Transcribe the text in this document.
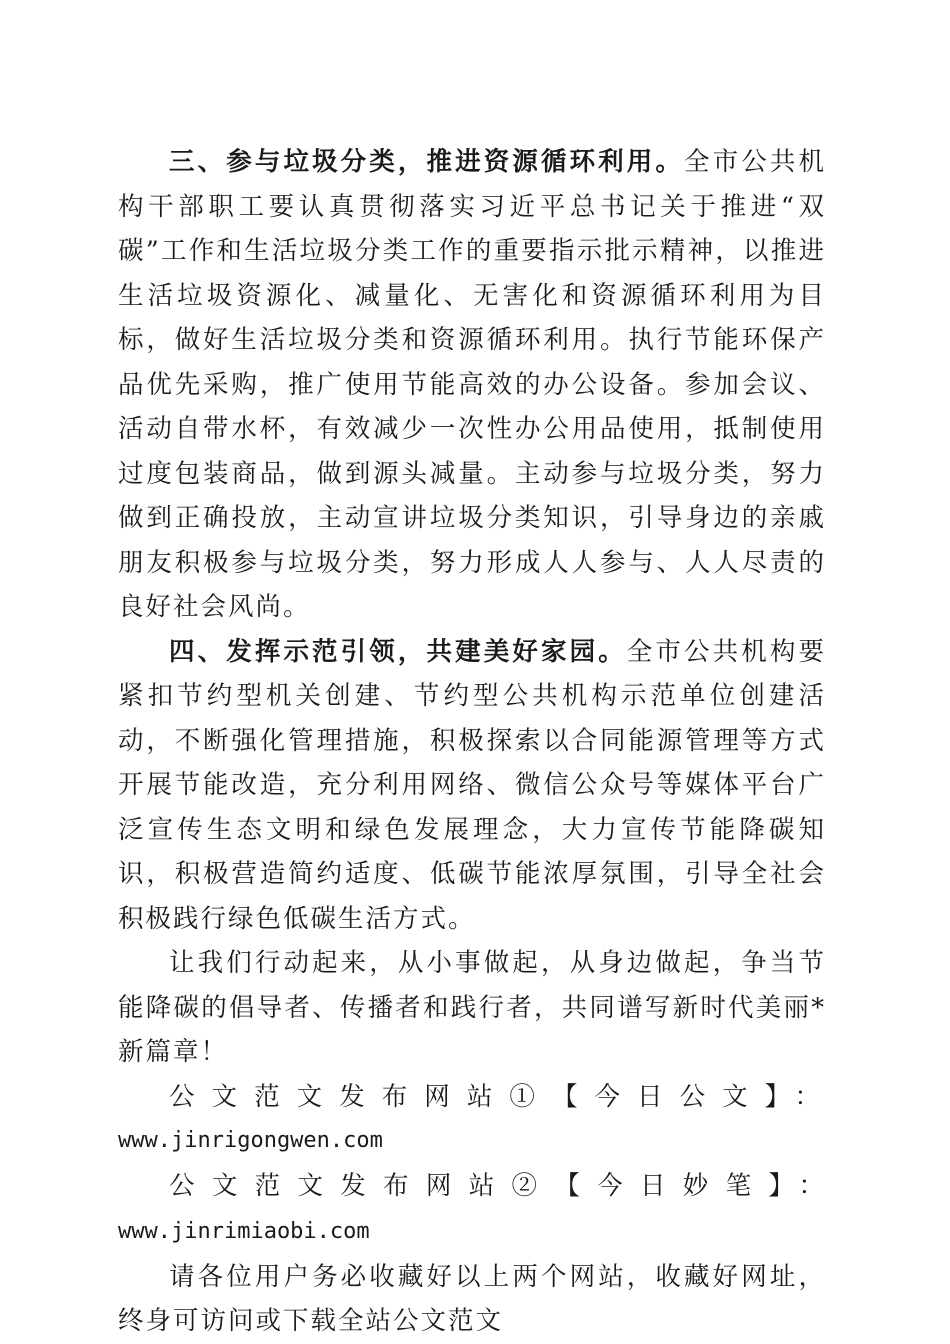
三、参与垃圾分类，推进资源循环利用。全市公共机构干部职工要认真贯彻落实习近平总书记关于推进“双碳”工作和生活垃圾分类工作的重要指示批示精神，以推进生活垃圾资源化、减量化、无害化和资源循环利用为目标，做好生活垃圾分类和资源循环利用。执行节能环保产品优先采购，推广使用节能高效的办公设备。参加会议、活动自带水杯，有效减少一次性办公用品使用，抵制使用过度包装商品，做到源头减量。主动参与垃圾分类，努力做到正确投放，主动宣讲垃圾分类知识，引导身边的亲戚朋友积极参与垃圾分类，努力形成人人参与、人人尽责的良好社会风尚。

四、发挥示范引领，共建美好家园。全市公共机构要紧扣节约型机关创建、节约型公共机构示范单位创建活动，不断强化管理措施，积极探索以合同能源管理等方式开展节能改造，充分利用网络、微信公众号等媒体平台广泛宣传生态文明和绿色发展理念，大力宣传节能降碳知识，积极营造简约适度、低碳节能浓厚氛围，引导全社会积极践行绿色低碳生活方式。

让我们行动起来，从小事做起，从身边做起，争当节能降碳的倡导者、传播者和践行者，共同谱写新时代美丽*新篇章！

公文范文发布网站①【今日公文】：

www.jinrigongwen.com

公文范文发布网站②【今日妙笔】：www.jinrimiaobi.com

请各位用户务必收藏好以上两个网站，收藏好网址，终身可访问或下载全站公文范文
